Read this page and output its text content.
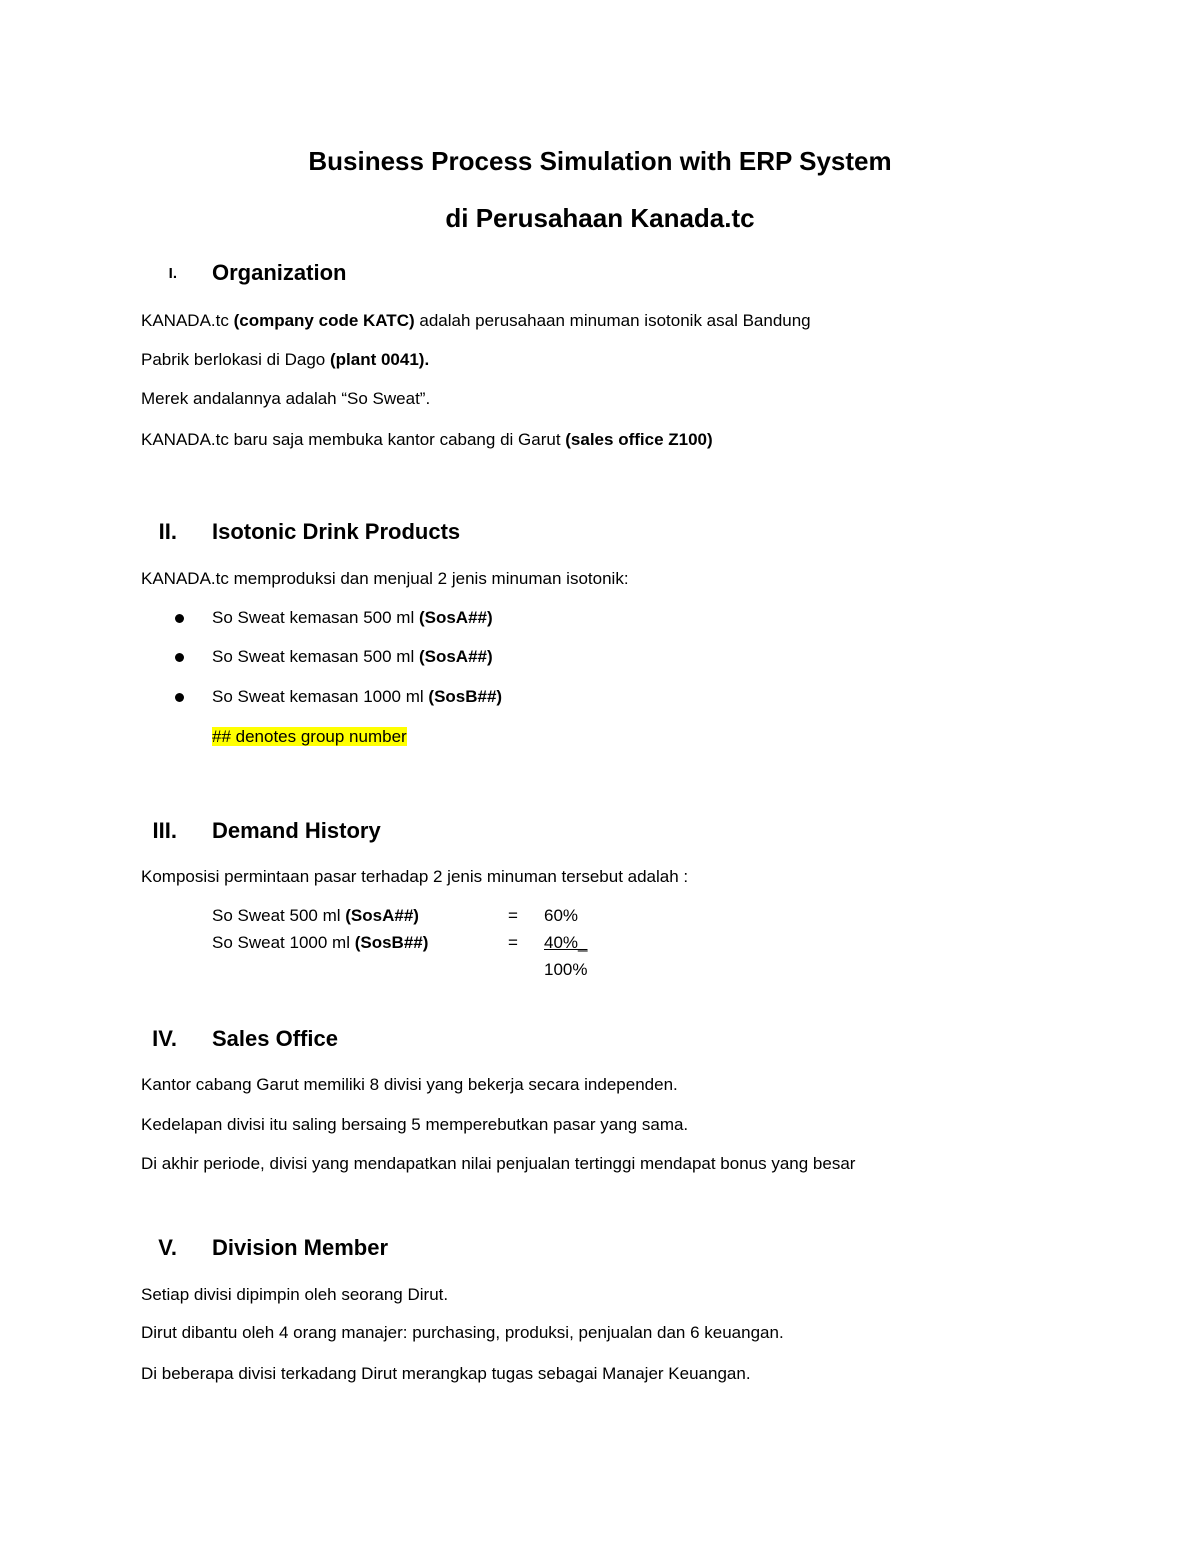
Business Process Simulation with ERP System
di Perusahaan Kanada.tc
I. Organization
KANADA.tc (company code KATC) adalah perusahaan minuman isotonik asal Bandung
Pabrik berlokasi di Dago (plant 0041).
Merek andalannya adalah “So Sweat”.
KANADA.tc baru saja membuka kantor cabang di Garut (sales office Z100)
II. Isotonic Drink Products
KANADA.tc memproduksi dan menjual 2 jenis minuman isotonik:
So Sweat kemasan 500 ml (SosA##)
So Sweat kemasan 500 ml (SosA##)
So Sweat kemasan 1000 ml (SosB##)
## denotes group number
III. Demand History
Komposisi permintaan pasar terhadap 2 jenis minuman tersebut adalah :
So Sweat 500 ml (SosA##)	= 60%
So Sweat 1000 ml (SosB##)	= 40%_
100%
IV. Sales Office
Kantor cabang Garut memiliki 8 divisi yang bekerja secara independen.
Kedelapan divisi itu saling bersaing 5 memperebutkan pasar yang sama.
Di akhir periode, divisi yang mendapatkan nilai penjualan tertinggi mendapat bonus yang besar
V. Division Member
Setiap divisi dipimpin oleh seorang Dirut.
Dirut dibantu oleh 4 orang manajer: purchasing, produksi, penjualan dan 6 keuangan.
Di beberapa divisi terkadang Dirut merangkap tugas sebagai Manajer Keuangan.
